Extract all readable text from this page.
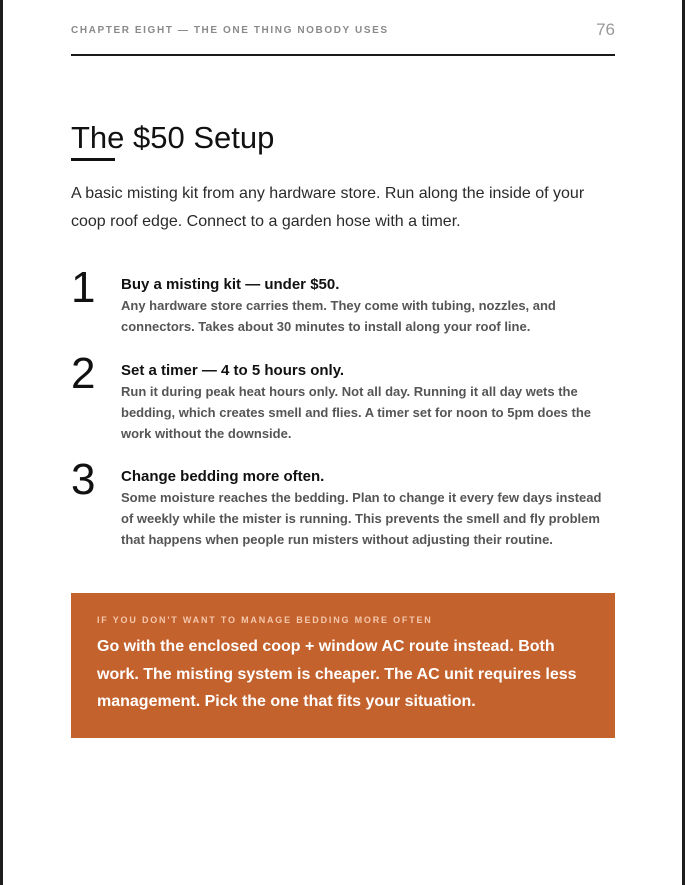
CHAPTER EIGHT — THE ONE THING NOBODY USES	76
The $50 Setup

A basic misting kit from any hardware store. Run along the inside of your coop roof edge. Connect to a garden hose with a timer.

1 Buy a misting kit — under $50.
Any hardware store carries them. They come with tubing, nozzles, and connectors. Takes about 30 minutes to install along your roof line.
2 Set a timer — 4 to 5 hours only.
Run it during peak heat hours only. Not all day. Running it all day wets the bedding, which creates smell and flies. A timer set for noon to 5pm does the work without the downside.
3 Change bedding more often.
Some moisture reaches the bedding. Plan to change it every few days instead of weekly while the mister is running. This prevents the smell and fly problem that happens when people run misters without adjusting their routine.
IF YOU DON'T WANT TO MANAGE BEDDING MORE OFTEN
Go with the enclosed coop + window AC route instead. Both work. The misting system is cheaper. The AC unit requires less management. Pick the one that fits your situation.
